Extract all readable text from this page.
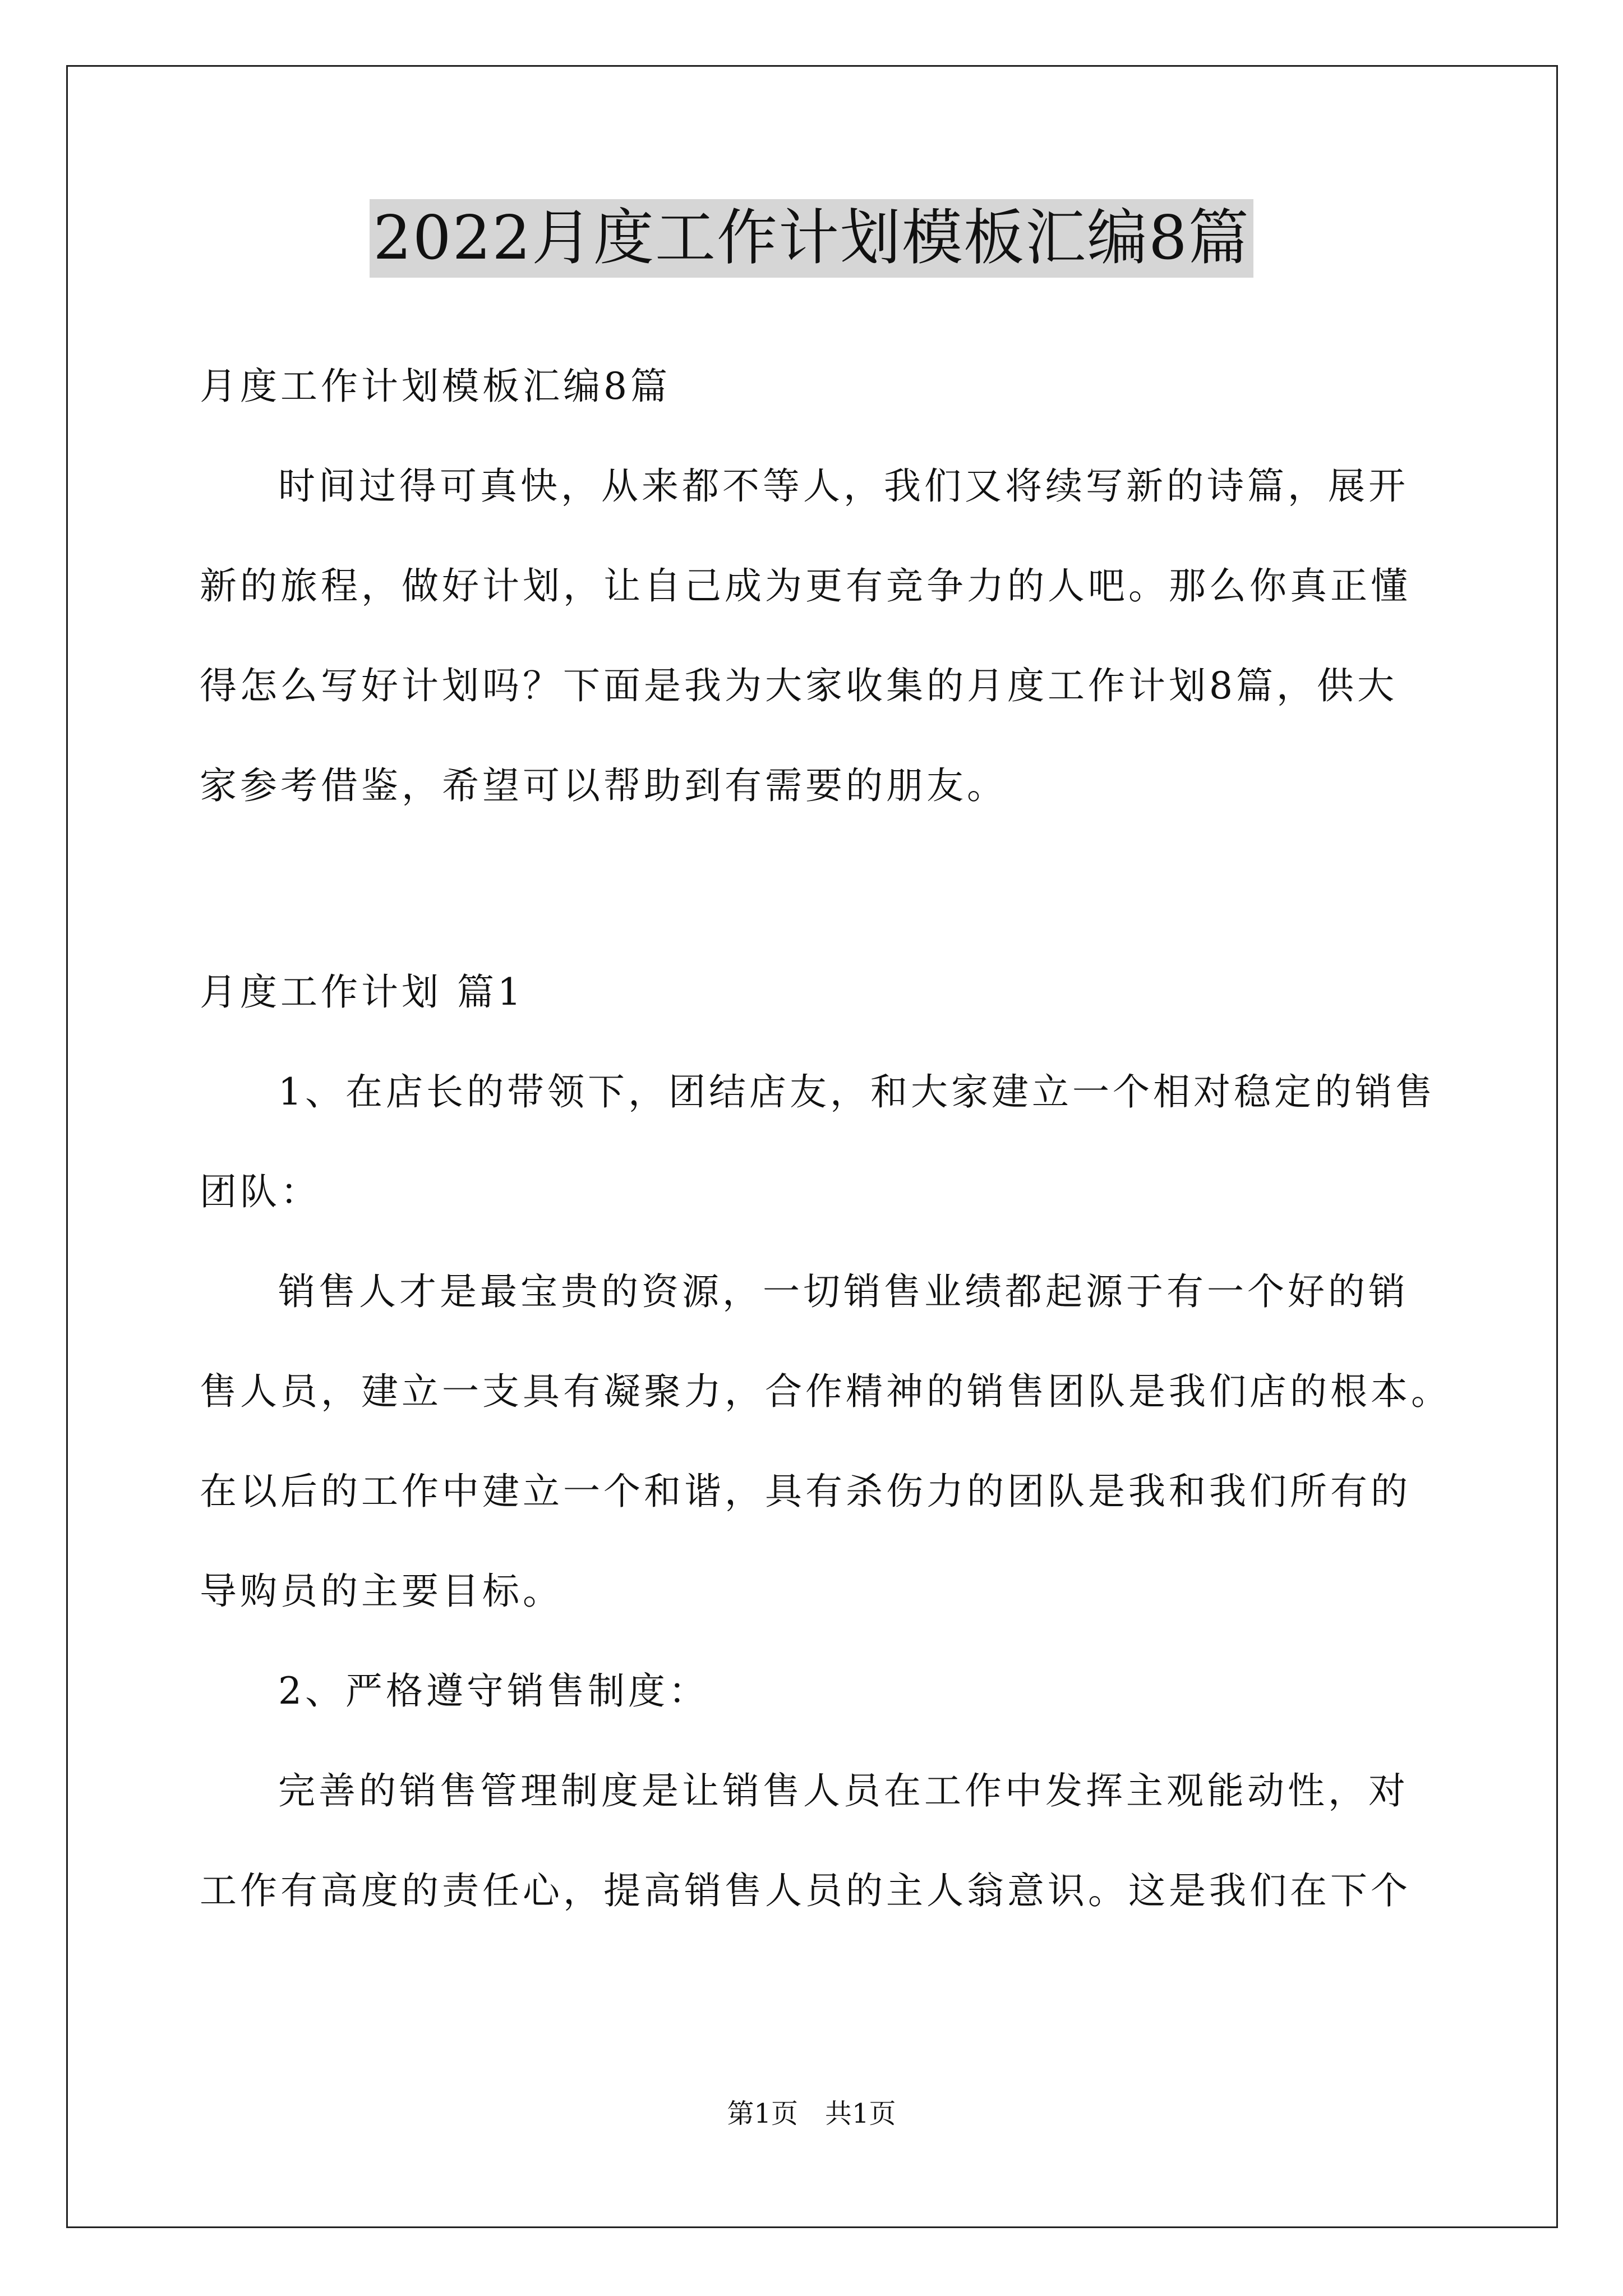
2022月度工作计划模板汇编8篇
月度工作计划模板汇编8篇
时间过得可真快，从来都不等人，我们又将续写新的诗篇，展开
新的旅程，做好计划，让自己成为更有竞争力的人吧。那么你真正懂
得怎么写好计划吗？下面是我为大家收集的月度工作计划8篇，供大
家参考借鉴，希望可以帮助到有需要的朋友。
月度工作计划 篇1
1、在店长的带领下，团结店友，和大家建立一个相对稳定的销售
团队：
销售人才是最宝贵的资源，一切销售业绩都起源于有一个好的销
售人员，建立一支具有凝聚力，合作精神的销售团队是我们店的根本。
在以后的工作中建立一个和谐，具有杀伤力的团队是我和我们所有的
导购员的主要目标。
2、严格遵守销售制度：
完善的销售管理制度是让销售人员在工作中发挥主观能动性，对
工作有高度的责任心，提高销售人员的主人翁意识。这是我们在下个
第1页　共1页
